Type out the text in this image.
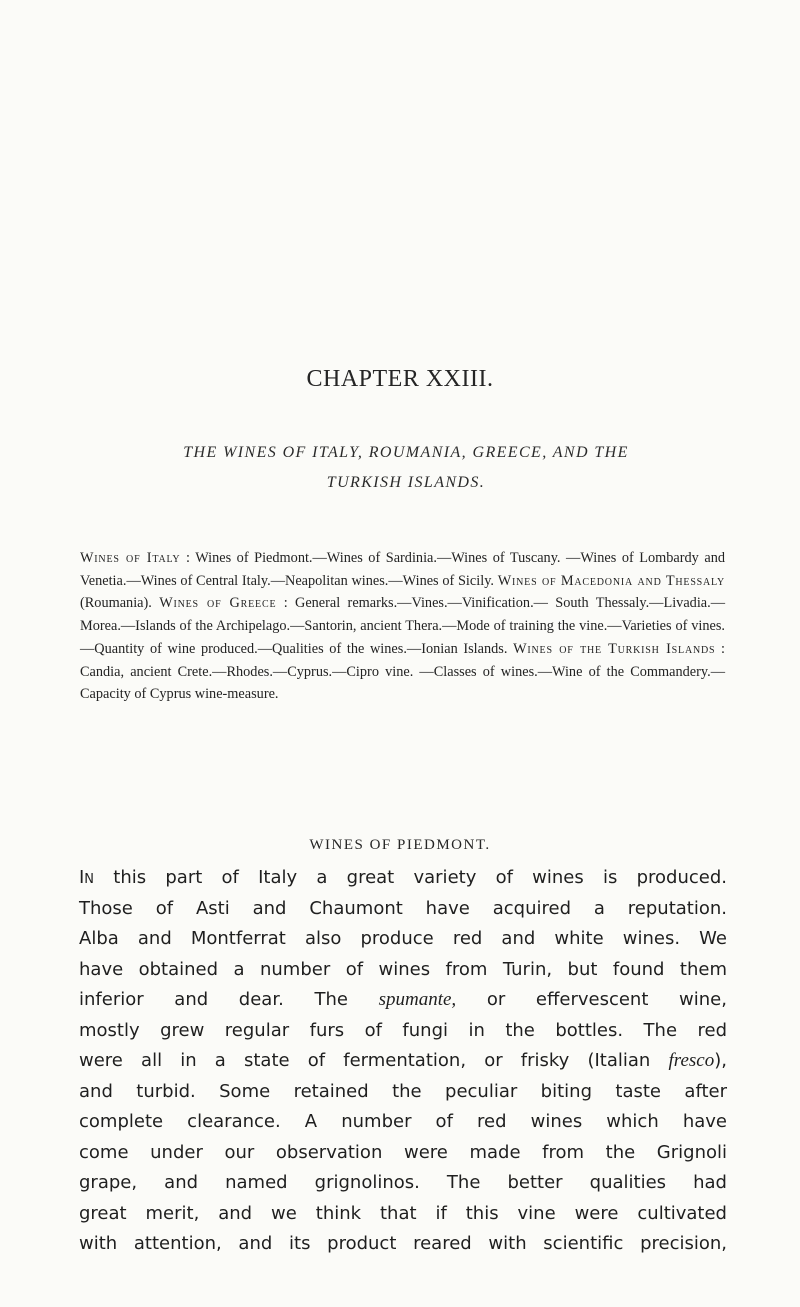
CHAPTER XXIII.
THE WINES OF ITALY, ROUMANIA, GREECE, AND THE
TURKISH ISLANDS.
Wines of Italy : Wines of Piedmont.—Wines of Sardinia.—Wines of Tuscany. —Wines of Lombardy and Venetia.—Wines of Central Italy.—Neapolitan wines.—Wines of Sicily. Wines of Macedonia and Thessaly (Roumania). Wines of Greece : General remarks.—Vines.—Vinification.— South Thessaly.—Livadia.—Morea.—Islands of the Archipelago.—Santorin, ancient Thera.—Mode of training the vine.—Varieties of vines.—Quantity of wine produced.—Qualities of the wines.—Ionian Islands. Wines of the Turkish Islands : Candia, ancient Crete.—Rhodes.—Cyprus.—Cipro vine. —Classes of wines.—Wine of the Commandery.—Capacity of Cyprus wine-measure.
WINES OF PIEDMONT.
In this part of Italy a great variety of wines is produced.
Those of Asti and Chaumont have acquired a reputation.
Alba and Montferrat also produce red and white wines. We
have obtained a number of wines from Turin, but found them
inferior and dear. The spumante, or effervescent wine,
mostly grew regular furs of fungi in the bottles. The red
were all in a state of fermentation, or frisky (Italian fresco),
and turbid. Some retained the peculiar biting taste after
complete clearance. A number of red wines which have
come under our observation were made from the Grignoli
grape, and named grignolinos. The better qualities had
great merit, and we think that if this vine were cultivated
with attention, and its product reared with scientific precision,
